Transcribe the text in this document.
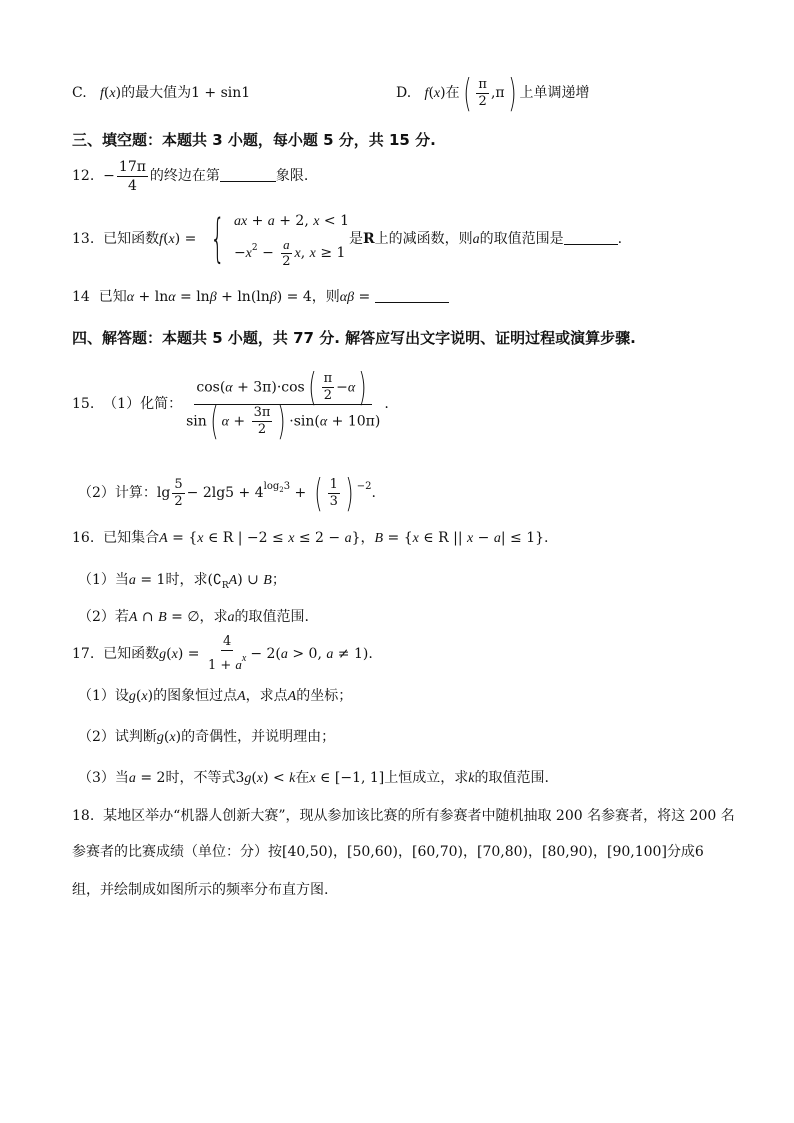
C. f(x)的最大值为1 + sin1	D. f(x)在( $\frac{\pi}{2} ,\pi$) 上单调递增
三、填空题：本题共 3 小题，每小题 5 分，共 15 分.
12.  − $\frac{17\pi}{4}$ 的终边在第	象限.
13. 已知函数f(x) = { ax + a + 2, x < 1
$-x^2 - \frac{a}{2} x$, x ≥ 1
是R上的减函数，则a的取值范围是	.
14 已知α + lnα = lnβ + ln(lnβ) = 4，则αβ =
四、解答题：本题共 5 小题，共 77 分. 解答应写出文字说明、证明过程或演算步骤.
15. （1）化简： $\frac{\cos(\alpha + 3\pi)\cdot\cos( \frac{\pi}{2} -\alpha)}{\sin( \alpha + \frac{3\pi}{2} ) \cdot\sin(\alpha + 10\pi)}$ .
（2）计算：$\lg \frac{5}{2} - 2\lg 5 + 4^{log_23}$ + ( $\frac{1}{3}$ ) $^{-2}$.
16. 已知集合A = {x ∈ R | −2 ≤ x ≤ 2 − a}，B = {x ∈ R || x − a| ≤ 1}.
（1）当a = 1时，求$(∁_RA)$ ∪ B；
（2）若A ∩ B = ∅，求a的取值范围.
17. 已知函数$g(x) = \frac{4}{1 + a^x} - 2(a > 0$, a ≠ 1).
（1）设g(x)的图象恒过点A，求点A的坐标；
（2）试判断g(x)的奇偶性，并说明理由；
（3）当a = 2时，不等式3g(x) < k在x ∈ [−1, 1]上恒成立，求k的取值范围.
18. 某地区举办“机器人创新大赛”，现从参加该比赛的所有参赛者中随机抽取 200 名参赛者，将这 200 名
参赛者的比赛成绩（单位：分）按[40,50)，[50,60)，[60,70)，[70,80)，[80,90)，[90,100]分成6
组，并绘制成如图所示的频率分布直方图.
